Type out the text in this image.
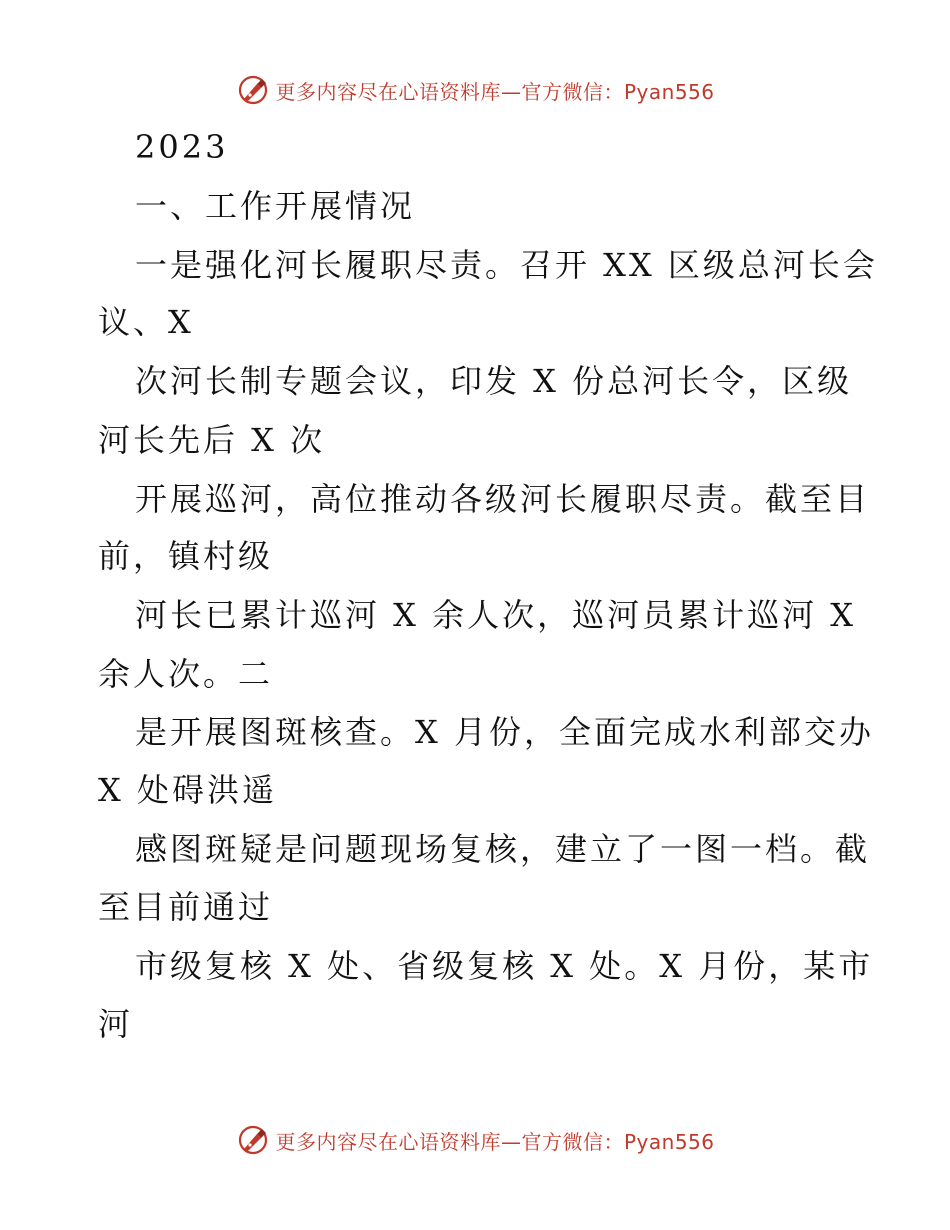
更多内容尽在心语资料库—官方微信：Pyan556
2023
一、工作开展情况
一是强化河长履职尽责。召开 XX 区级总河长会
议、X
次河长制专题会议，印发 X 份总河长令，区级
河长先后 X 次
开展巡河，高位推动各级河长履职尽责。截至目
前，镇村级
河长已累计巡河 X 余人次，巡河员累计巡河 X
余人次。二
是开展图斑核查。X 月份，全面完成水利部交办
X 处碍洪遥
感图斑疑是问题现场复核，建立了一图一档。截
至目前通过
市级复核 X 处、省级复核 X 处。X 月份，某市
河
更多内容尽在心语资料库—官方微信：Pyan556
